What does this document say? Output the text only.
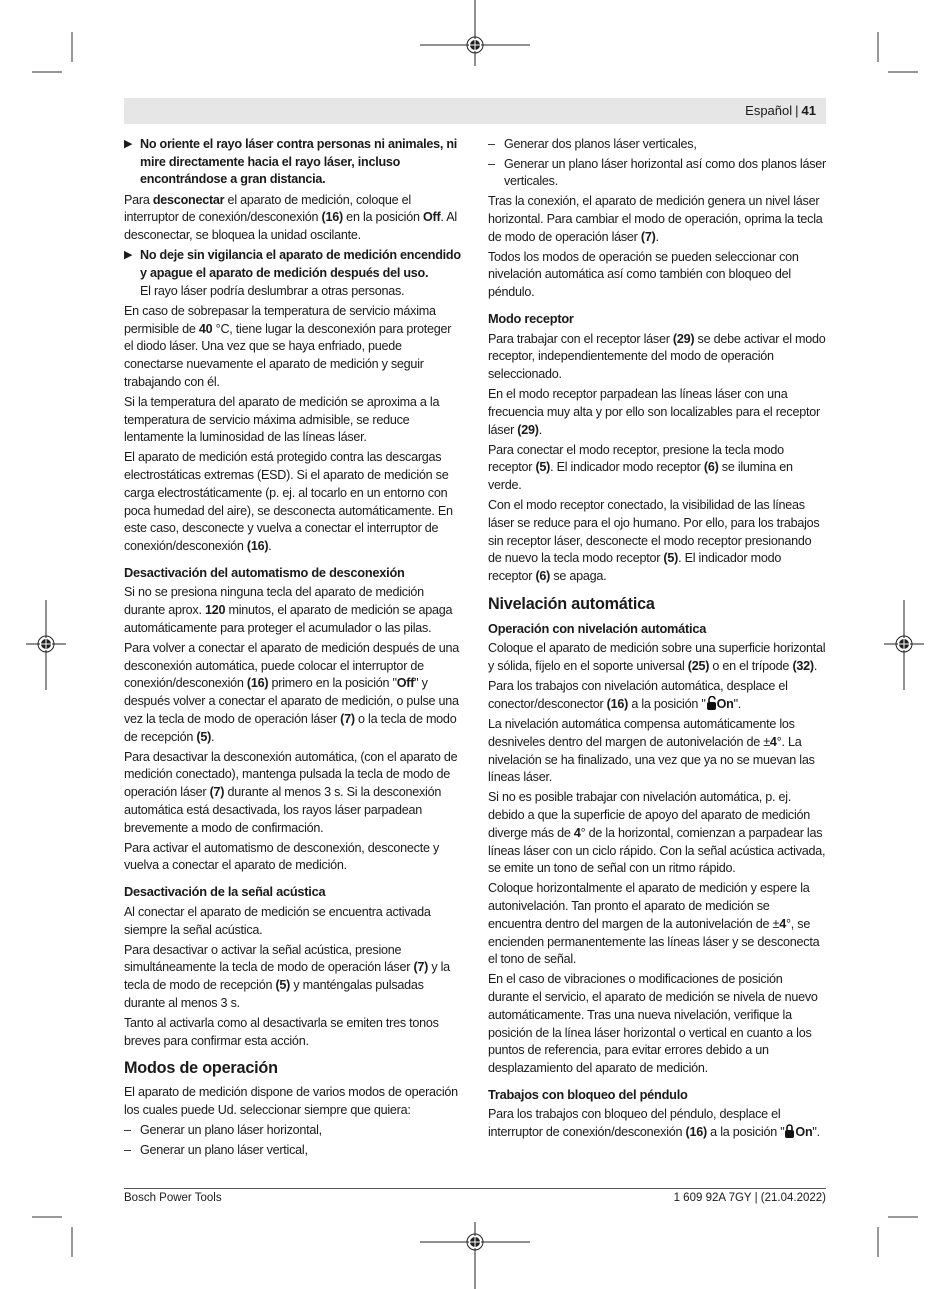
Español | 41
▶ No oriente el rayo láser contra personas ni animales, ni mire directamente hacia el rayo láser, incluso encontrándose a gran distancia.

Para desconectar el aparato de medición, coloque el interruptor de conexión/desconexión (16) en la posición Off. Al desconectar, se bloquea la unidad oscilante.

▶ No deje sin vigilancia el aparato de medición encendido y apague el aparato de medición después del uso.
El rayo láser podría deslumbrar a otras personas.

En caso de sobrepasar la temperatura de servicio máxima permisible de 40 °C, tiene lugar la desconexión para proteger el diodo láser. Una vez que se haya enfriado, puede conectarse nuevamente el aparato de medición y seguir trabajando con él.

Si la temperatura del aparato de medición se aproxima a la temperatura de servicio máxima admisible, se reduce lentamente la luminosidad de las líneas láser.

El aparato de medición está protegido contra las descargas electrostáticas extremas (ESD). Si el aparato de medición se carga electrostáticamente (p. ej. al tocarlo en un entorno con poca humedad del aire), se desconecta automáticamente. En este caso, desconecte y vuelva a conectar el interruptor de conexión/desconexión (16).

Desactivación del automatismo de desconexión

Si no se presiona ninguna tecla del aparato de medición durante aprox. 120 minutos, el aparato de medición se apaga automáticamente para proteger el acumulador o las pilas.

Para volver a conectar el aparato de medición después de una desconexión automática, puede colocar el interruptor de conexión/desconexión (16) primero en la posición "Off" y después volver a conectar el aparato de medición, o pulse una vez la tecla de modo de operación láser (7) o la tecla de modo de recepción (5).

Para desactivar la desconexión automática, (con el aparato de medición conectado), mantenga pulsada la tecla de modo de operación láser (7) durante al menos 3 s. Si la desconexión automática está desactivada, los rayos láser parpadean brevemente a modo de confirmación.

Para activar el automatismo de desconexión, desconecte y vuelva a conectar el aparato de medición.

Desactivación de la señal acústica

Al conectar el aparato de medición se encuentra activada siempre la señal acústica.

Para desactivar o activar la señal acústica, presione simultáneamente la tecla de modo de operación láser (7) y la tecla de modo de recepción (5) y manténgalas pulsadas durante al menos 3 s.

Tanto al activarla como al desactivarla se emiten tres tonos breves para confirmar esta acción.

Modos de operación

El aparato de medición dispone de varios modos de operación los cuales puede Ud. seleccionar siempre que quiera:

– Generar un plano láser horizontal,
– Generar un plano láser vertical,
– Generar dos planos láser verticales,
– Generar un plano láser horizontal así como dos planos láser verticales.

Tras la conexión, el aparato de medición genera un nivel láser horizontal. Para cambiar el modo de operación, oprima la tecla de modo de operación láser (7).

Todos los modos de operación se pueden seleccionar con nivelación automática así como también con bloqueo del péndulo.

Modo receptor

Para trabajar con el receptor láser (29) se debe activar el modo receptor, independientemente del modo de operación seleccionado.

En el modo receptor parpadean las líneas láser con una frecuencia muy alta y por ello son localizables para el receptor láser (29).

Para conectar el modo receptor, presione la tecla modo receptor (5). El indicador modo receptor (6) se ilumina en verde.

Con el modo receptor conectado, la visibilidad de las líneas láser se reduce para el ojo humano. Por ello, para los trabajos sin receptor láser, desconecte el modo receptor presionando de nuevo la tecla modo receptor (5). El indicador modo receptor (6) se apaga.

Nivelación automática
Operación con nivelación automática

Coloque el aparato de medición sobre una superficie horizontal y sólida, fíjelo en el soporte universal (25) o en el trípode (32).

Para los trabajos con nivelación automática, desplace el conector/desconector (16) a la posición " On".

La nivelación automática compensa automáticamente los desniveles dentro del margen de autonivelación de ±4°. La nivelación se ha finalizado, una vez que ya no se muevan las líneas láser.

Si no es posible trabajar con nivelación automática, p. ej. debido a que la superficie de apoyo del aparato de medición diverge más de 4° de la horizontal, comienzan a parpadear las líneas láser con un ciclo rápido. Con la señal acústica activada, se emite un tono de señal con un ritmo rápido.

Coloque horizontalmente el aparato de medición y espere la autonivelación. Tan pronto el aparato de medición se encuentra dentro del margen de la autonivelación de ±4°, se encienden permanentemente las líneas láser y se desconecta el tono de señal.

En el caso de vibraciones o modificaciones de posición durante el servicio, el aparato de medición se nivela de nuevo automáticamente. Tras una nueva nivelación, verifique la posición de la línea láser horizontal o vertical en cuanto a los puntos de referencia, para evitar errores debido a un desplazamiento del aparato de medición.

Trabajos con bloqueo del péndulo

Para los trabajos con bloqueo del péndulo, desplace el interruptor de conexión/desconexión (16) a la posición " On".

Bosch Power Tools	1 609 92A 7GY | (21.04.2022)
